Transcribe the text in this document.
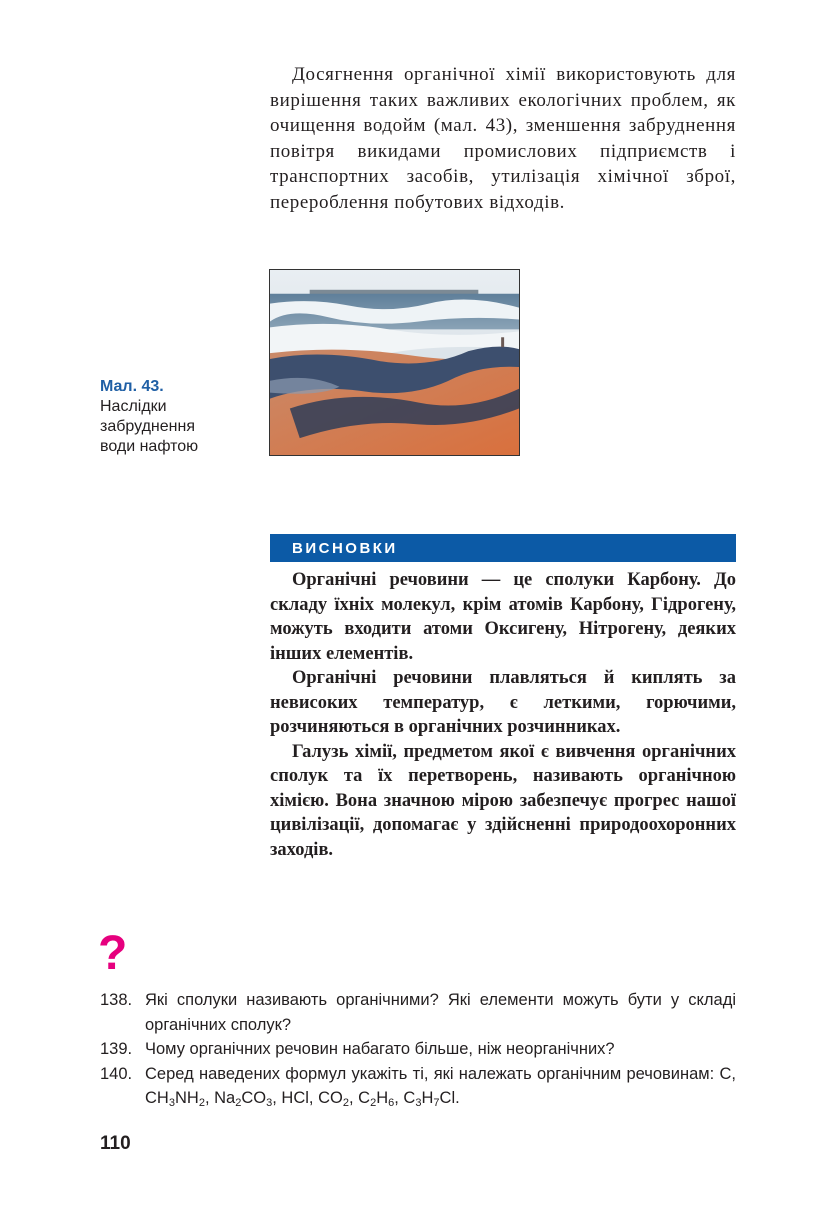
Досягнення органічної хімії використовують для вирішення таких важливих екологічних проблем, як очищення водойм (мал. 43), зменшення забруднення повітря викидами промислових підприємств і транспортних засобів, утилізація хімічної зброї, перероблення побутових відходів.

Мал. 43.
Наслідки
забруднення
води нафтою
ВИСНОВКИ

Органічні речовини — це сполуки Карбону. До складу їхніх молекул, крім атомів Карбону, Гідрогену, можуть входити атоми Оксигену, Нітрогену, деяких інших елементів.

Органічні речовини плавляться й киплять за невисоких температур, є леткими, горючими, розчиняються в органічних розчинниках.

Галузь хімії, предметом якої є вивчення органічних сполук та їх перетворень, називають органічною хімією. Вона значною мірою забезпечує прогрес нашої цивілізації, допомагає у здійсненні природоохоронних заходів.

?
138. Які сполуки називають органічними? Які елементи можуть бути у складі органічних сполук?
139. Чому органічних речовин набагато більше, ніж неорганічних?
140. Серед наведених формул укажіть ті, які належать органічним речовинам: C, $CH_3NH_2$, $Na_2CO_3$, HCl, $CO_2$, $C_2H_6$, $C_3H_7Cl$.
110
